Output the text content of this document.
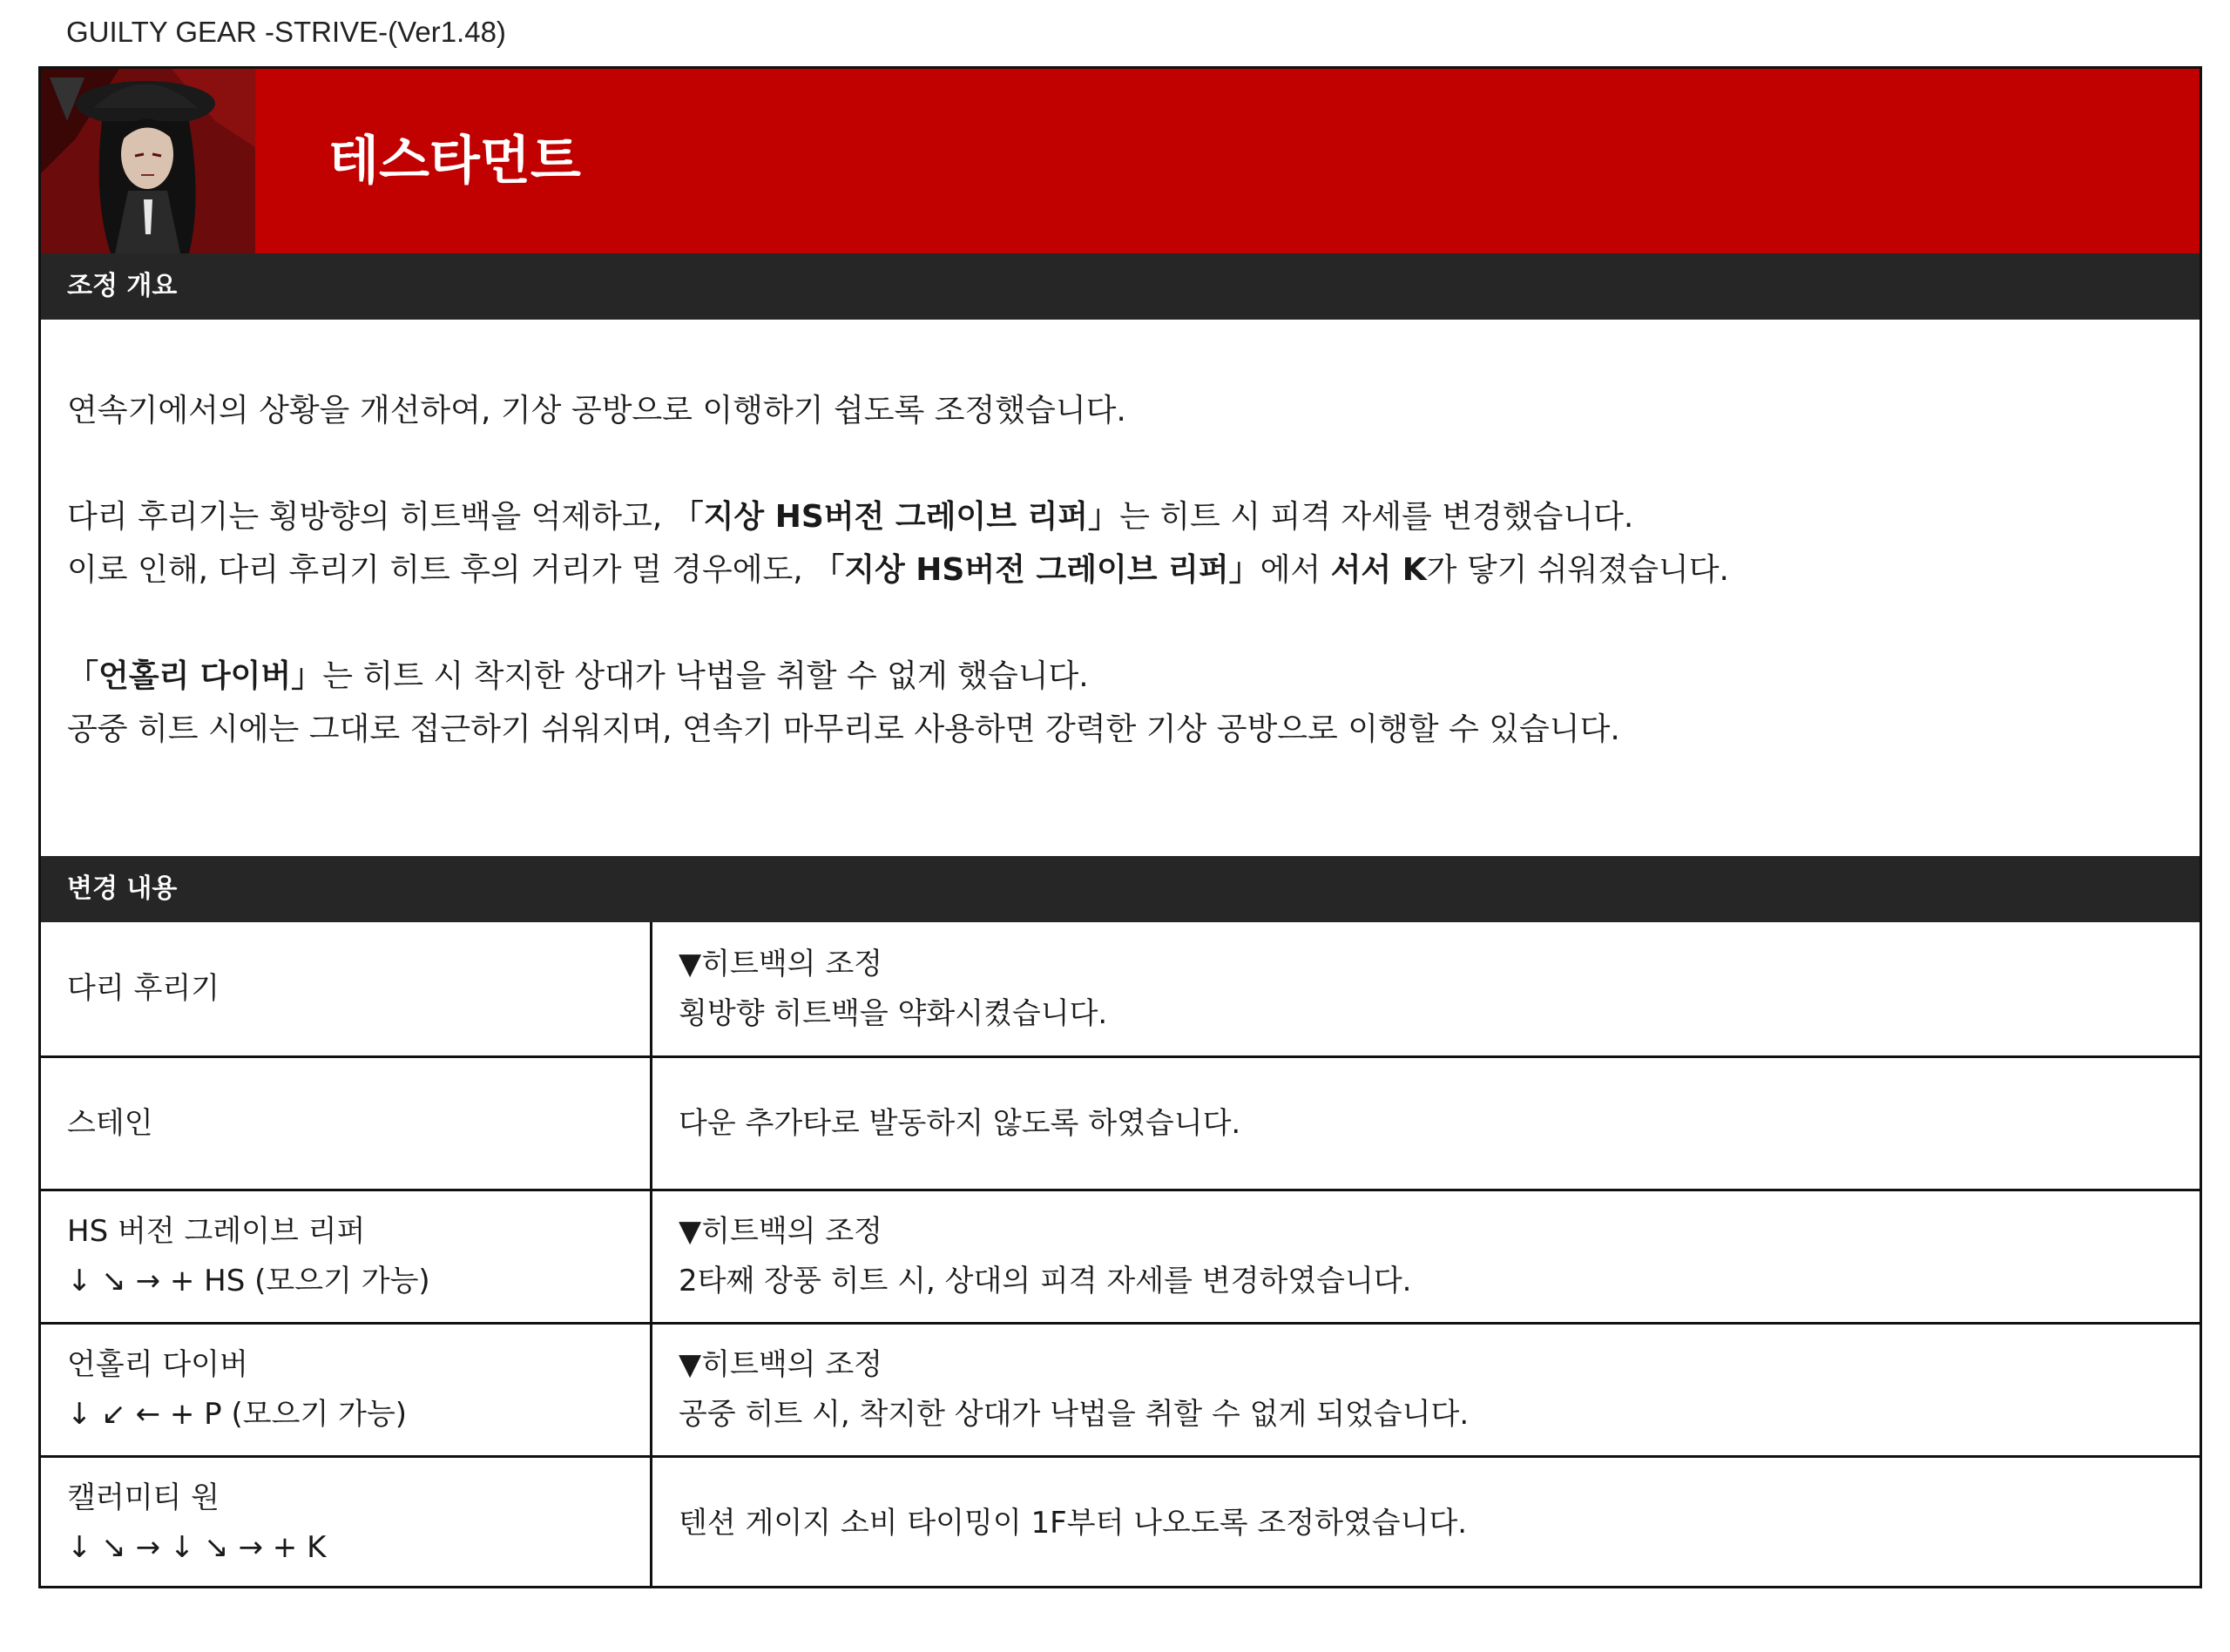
GUILTY GEAR -STRIVE-(Ver1.48)
테스타먼트
조정 개요

연속기에서의 상황을 개선하여, 기상 공방으로 이행하기 쉽도록 조정했습니다.

다리 후리기는 횡방향의 히트백을 억제하고, 「지상 HS버전 그레이브 리퍼」는 히트 시 피격 자세를 변경했습니다.

이로 인해, 다리 후리기 히트 후의 거리가 멀 경우에도, 「지상 HS버전 그레이브 리퍼」에서 서서 K가 닿기 쉬워졌습니다.

「언홀리 다이버」는 히트 시 착지한 상대가 낙법을 취할 수 없게 했습니다.

공중 히트 시에는 그대로 접근하기 쉬워지며, 연속기 마무리로 사용하면 강력한 기상 공방으로 이행할 수 있습니다.

변경 내용
다리 후리기
▼히트백의 조정
횡방향 히트백을 약화시켰습니다.
스테인	다운 추가타로 발동하지 않도록 하였습니다.
HS 버전 그레이브 리퍼
↓ ↘ → + HS (모으기 가능)
▼히트백의 조정
2타째 장풍 히트 시, 상대의 피격 자세를 변경하였습니다.
언홀리 다이버
↓ ↙ ← + P (모으기 가능)
▼히트백의 조정
공중 히트 시, 착지한 상대가 낙법을 취할 수 없게 되었습니다.
캘러미티 원
↓ ↘ → ↓ ↘ → + K
텐션 게이지 소비 타이밍이 1F부터 나오도록 조정하였습니다.
